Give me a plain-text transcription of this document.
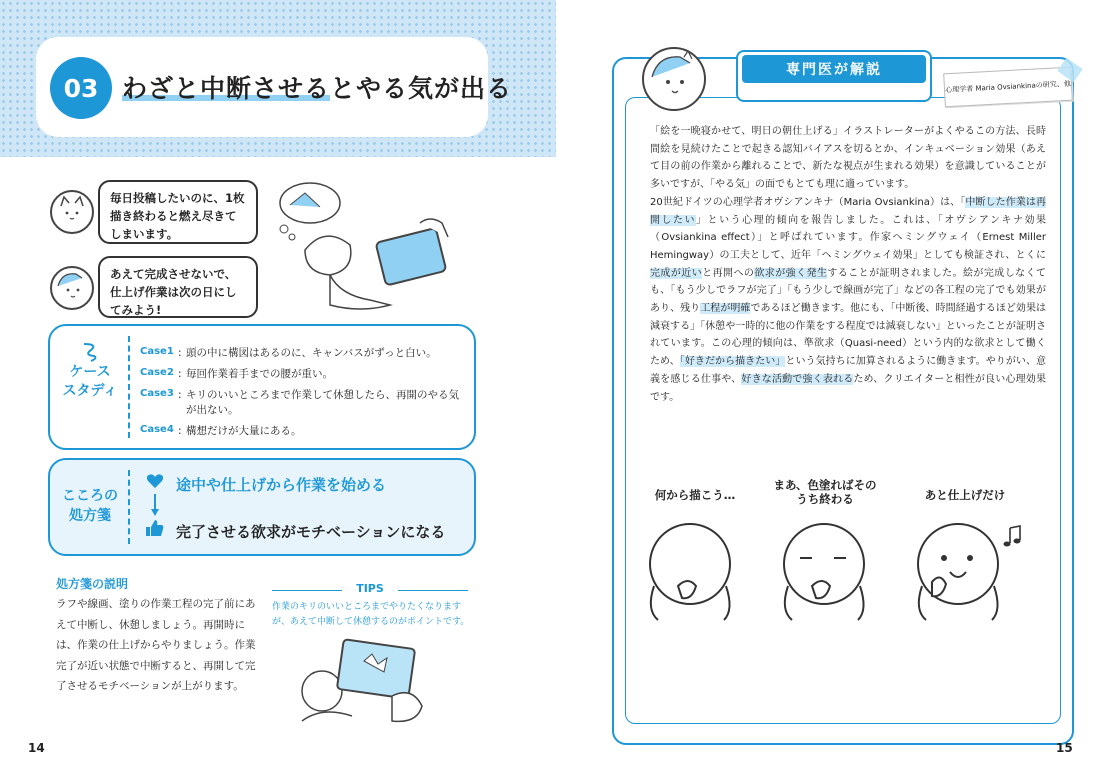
03 わざと中断させるとやる気が出る
毎日投稿したいのに、1枚描き終わると燃え尽きてしまいます。
あえて完成させないで、仕上げ作業は次の日にしてみよう!
ケース
スタディ
Case1 : 頭の中に構図はあるのに、キャンバスがずっと白い。
Case2 : 毎回作業着手までの腰が重い。
Case3 : キリのいいところまで作業して休憩したら、再開のやる気が出ない。
Case4 : 構想だけが大量にある。
こころの
処方箋
途中や仕上げから作業を始める
完了させる欲求がモチベーションになる
処方箋の説明
ラフや線画、塗りの作業工程の完了前にあえて中断し、休憩しましょう。再開時には、作業の仕上げからやりましょう。作業完了が近い状態で中断すると、再開して完了させるモチベーションが上がります。
TIPS
作業のキリのいいところまでやりたくなりますが、あえて中断して休憩するのがポイントです。
14
専門医が解説
心理学者 Maria Ovsiankinaの研究、他

「絵を一晩寝かせて、明日の朝仕上げる」イラストレーターがよくやるこの方法、長時間絵を見続けたことで起きる認知バイアスを切るとか、インキュベーション効果（あえて目の前の作業から離れることで、新たな視点が生まれる効果）を意識していることが多いですが、「やる気」の面でもとても理に適っています。

20世紀ドイツの心理学者オヴシアンキナ（Maria Ovsiankina）は、「中断した作業は再開したい」という心理的傾向を報告しました。これは、「オヴシアンキナ効果（Ovsiankina effect）」と呼ばれています。作家ヘミングウェイ（Ernest Miller Hemingway）の工夫として、近年「ヘミングウェイ効果」としても検証され、とくに完成が近いと再開への欲求が強く発生することが証明されました。絵が完成しなくても、「もう少しでラフが完了」「もう少しで線画が完了」などの各工程の完了でも効果があり、残り工程が明確であるほど働きます。他にも、「中断後、時間経過するほど効果は減衰する」「休憩や一時的に他の作業をする程度では減衰しない」といったことが証明されています。この心理的傾向は、準欲求（Quasi-need）という内的な欲求として働くため、「好きだから描きたい」という気持ちに加算されるように働きます。やりがい、意義を感じる仕事や、好きな活動で強く表れるため、クリエイターと相性が良い心理効果です。

何から描こう…
まあ、色塗ればそのうち終わる	あと仕上げだけ
15
